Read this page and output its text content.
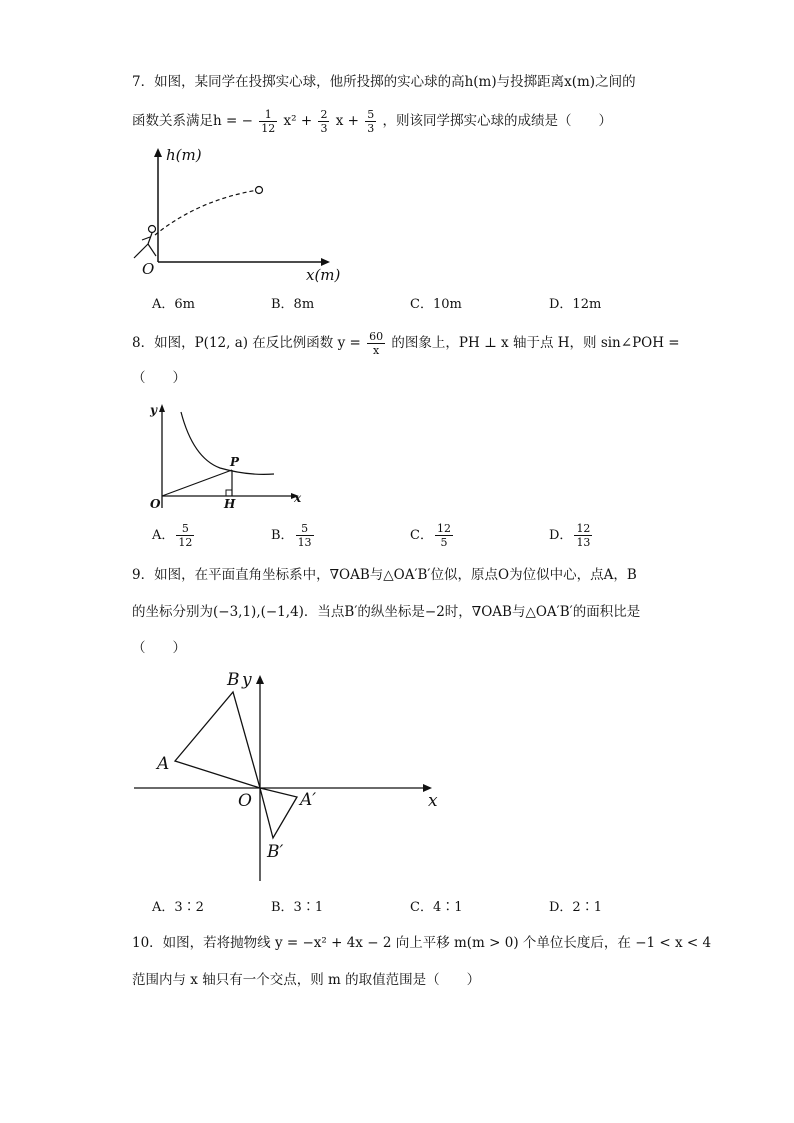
7．如图，某同学在投掷实心球，他所投掷的实心球的高h(m)与投掷距离x(m)之间的
函数关系满足h = − $\frac{1}{12} x^2 + \frac{2}{3}$ $x + \frac{5}{3}$ ，则该同学掷实心球的成绩是（　　）
h(m)
x(m)
O
A．6m	B．8m	C．10m	D．12m
8．如图，P(12, a) 在反比例函数 $y = \frac{60}{x}$ 的图象上，PH ⊥ x 轴于点 H，则 sin∠POH =
（　　）
y
x
O
P
H
A． $\frac{5}{12}$	B． $\frac{5}{13}$	C． $\frac{12}{5}$	D． $\frac{12}{13}$
9．如图，在平面直角坐标系中，∇OAB与△OA′B′位似，原点O为位似中心，点A，B
的坐标分别为(−3,1),(−1,4)．当点B′的纵坐标是−2时，∇OAB与△OA′B′的面积比是
（　　）
B y
A
O	A′	x
B′
A．3∶2	B．3∶1	C．4∶1	D．2∶1
10．如图，若将抛物线 y = −x² + 4x − 2 向上平移 m(m > 0) 个单位长度后，在 −1 < x < 4
范围内与 x 轴只有一个交点，则 m 的取值范围是（　　）
